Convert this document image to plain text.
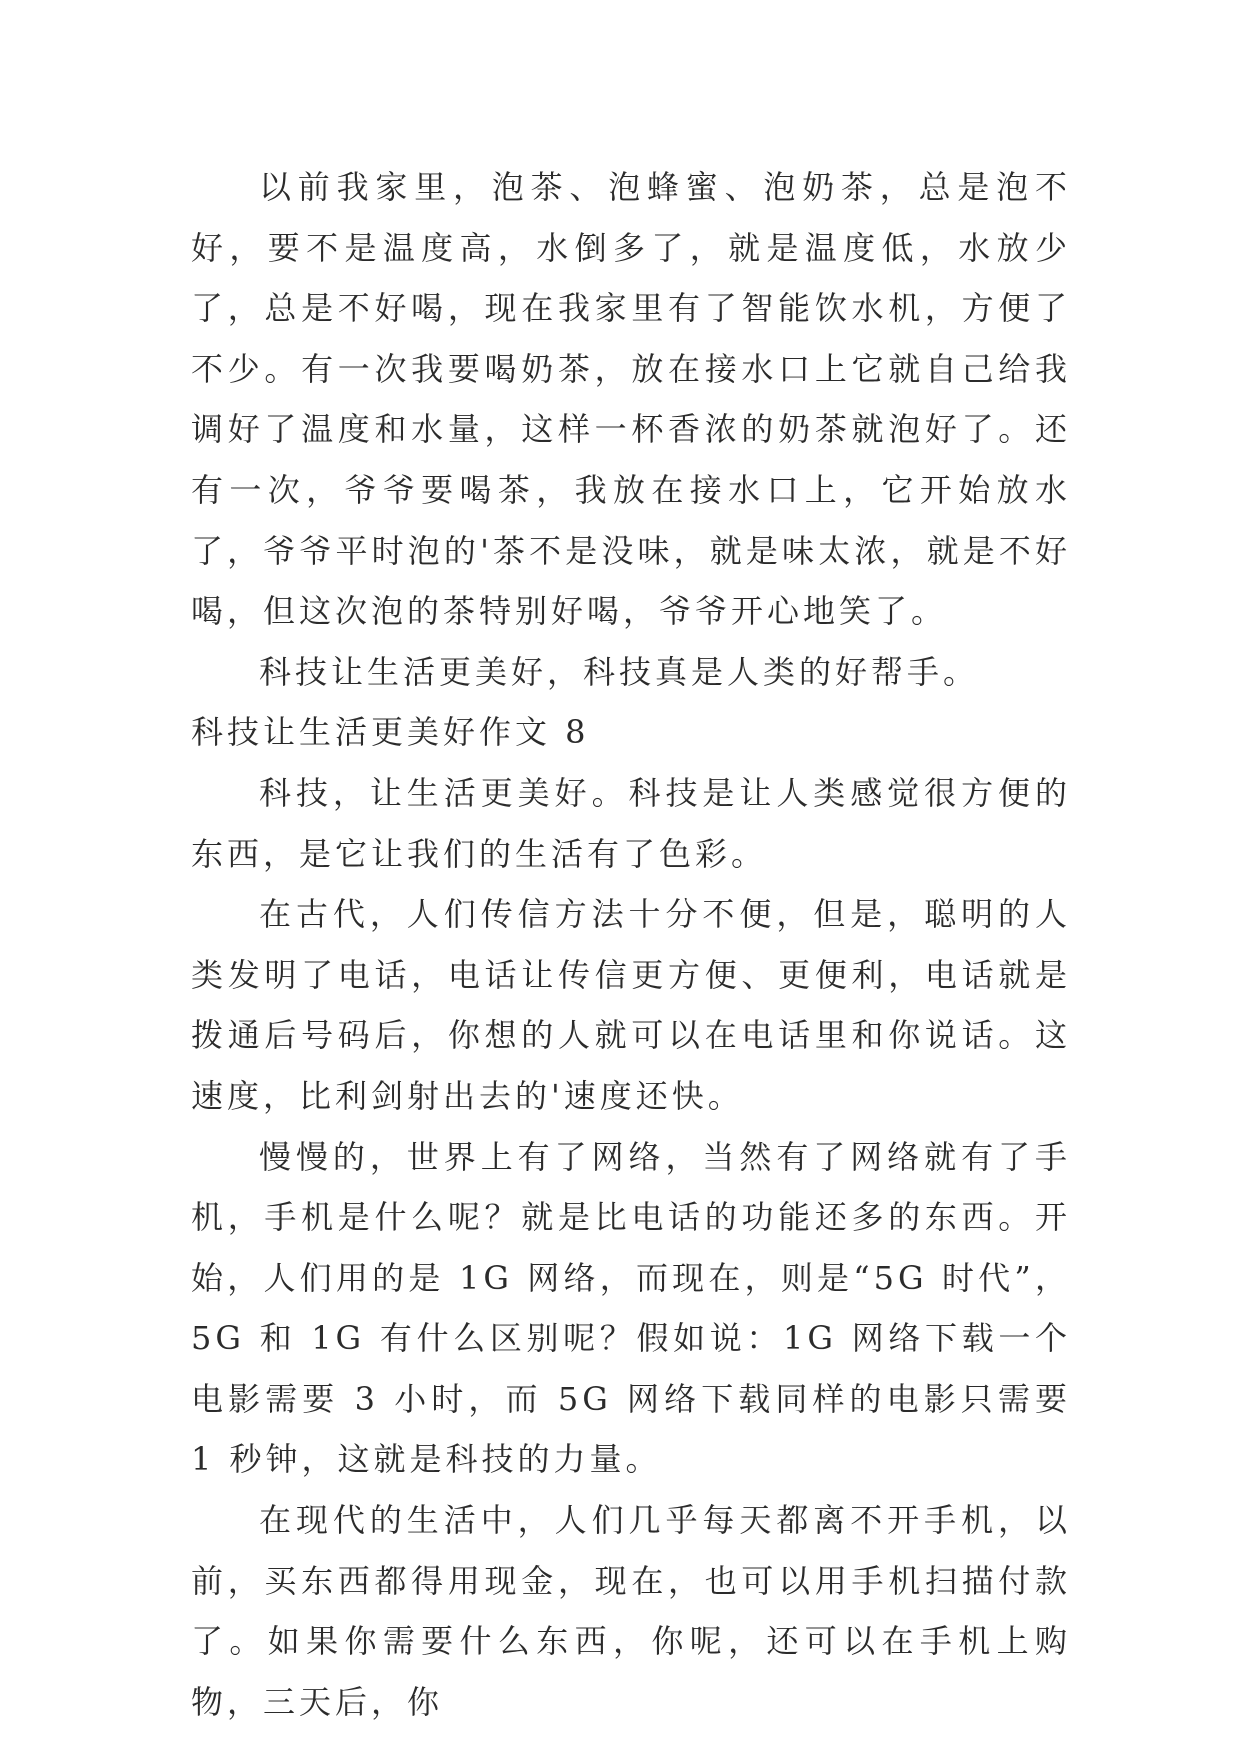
以前我家里，泡茶、泡蜂蜜、泡奶茶，总是泡不好，要不是温度高，水倒多了，就是温度低，水放少了，总是不好喝，现在我家里有了智能饮水机，方便了不少。有一次我要喝奶茶，放在接水口上它就自己给我调好了温度和水量，这样一杯香浓的奶茶就泡好了。还有一次，爷爷要喝茶，我放在接水口上，它开始放水了，爷爷平时泡的'茶不是没味，就是味太浓，就是不好喝，但这次泡的茶特别好喝，爷爷开心地笑了。

科技让生活更美好，科技真是人类的好帮手。

科技让生活更美好作文 8

科技，让生活更美好。科技是让人类感觉很方便的东西，是它让我们的生活有了色彩。

在古代，人们传信方法十分不便，但是，聪明的人类发明了电话，电话让传信更方便、更便利，电话就是拨通后号码后，你想的人就可以在电话里和你说话。这速度，比利剑射出去的'速度还快。

慢慢的，世界上有了网络，当然有了网络就有了手机，手机是什么呢？就是比电话的功能还多的东西。开始，人们用的是 1G 网络，而现在，则是“5G 时代”，5G 和 1G 有什么区别呢？假如说：1G 网络下载一个电影需要 3 小时，而 5G 网络下载同样的电影只需要 1 秒钟，这就是科技的力量。

在现代的生活中，人们几乎每天都离不开手机，以前，买东西都得用现金，现在，也可以用手机扫描付款了。如果你需要什么东西，你呢，还可以在手机上购物，三天后，你
